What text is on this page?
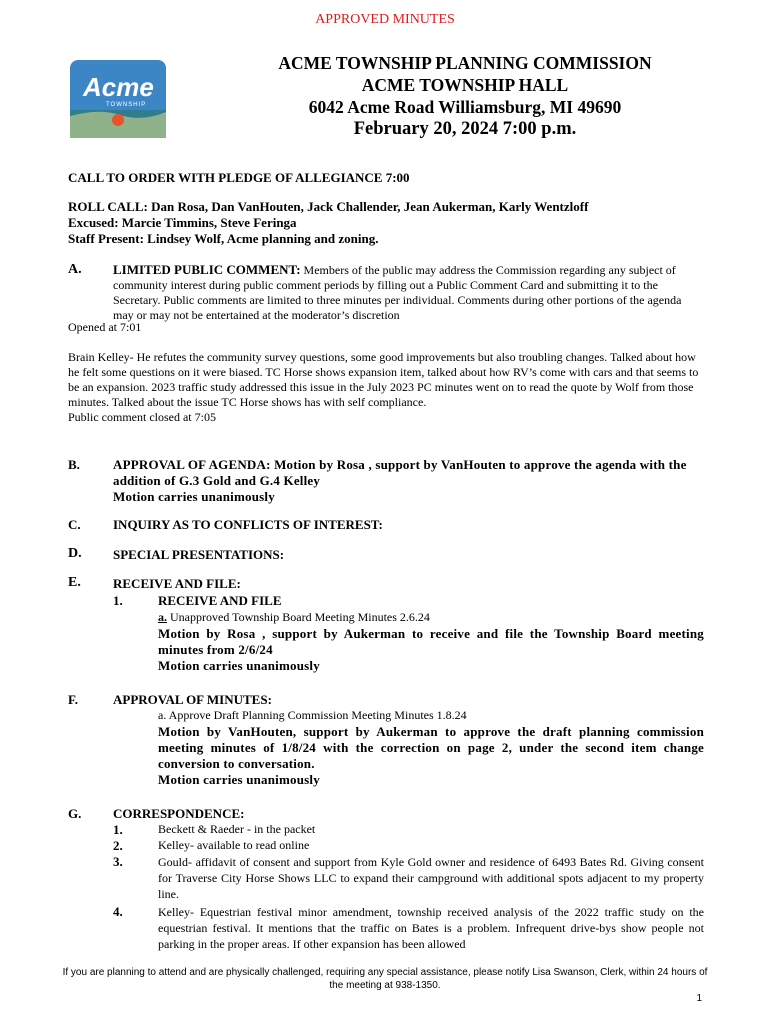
APPROVED MINUTES
Acme
TOWNSHIP
ACME TOWNSHIP PLANNING COMMISSION
ACME TOWNSHIP HALL
6042 Acme Road Williamsburg, MI 49690
February 20, 2024 7:00 p.m.
CALL TO ORDER WITH PLEDGE OF ALLEGIANCE 7:00
ROLL CALL: Dan Rosa, Dan VanHouten, Jack Challender, Jean Aukerman, Karly Wentzloff
Excused: Marcie Timmins, Steve Feringa
Staff Present: Lindsey Wolf, Acme planning and zoning.
A. LIMITED PUBLIC COMMENT: Members of the public may address the Commission regarding any subject of community interest during public comment periods by filling out a Public Comment Card and submitting it to the Secretary. Public comments are limited to three minutes per individual. Comments during other portions of the agenda may or may not be entertained at the moderator’s discretion
Opened at 7:01
Brain Kelley- He refutes the community survey questions, some good improvements but also troubling changes. Talked about how he felt some questions on it were biased. TC Horse shows expansion item, talked about how RV’s come with cars and that seems to be an expansion. 2023 traffic study addressed this issue in the July 2023 PC minutes went on to read the quote by Wolf from those minutes. Talked about the issue TC Horse shows has with self compliance.
Public comment closed at 7:05
B.	APPROVAL OF AGENDA: Motion by Rosa , support by VanHouten to approve the agenda with the addition of G.3 Gold and G.4 Kelley
Motion carries unanimously
C. INQUIRY AS TO CONFLICTS OF INTEREST:
D. SPECIAL PRESENTATIONS:
E. RECEIVE AND FILE:
1.	RECEIVE AND FILE
a. Unapproved Township Board Meeting Minutes 2.6.24
Motion by Rosa , support by Aukerman to receive and file the Township Board meeting minutes from 2/6/24
Motion carries unanimously
F.	APPROVAL OF MINUTES:
a. Approve Draft Planning Commission Meeting Minutes 1.8.24
Motion by VanHouten, support by Aukerman to approve the draft planning commission meeting minutes of 1/8/24 with the correction on page 2, under the second item change conversion to conversation.
Motion carries unanimously
G. CORRESPONDENCE:
1.	Beckett & Raeder - in the packet
2.	Kelley- available to read online
3.	Gould- affidavit of consent and support from Kyle Gold owner and residence of 6493 Bates Rd. Giving consent for Traverse City Horse Shows LLC to expand their campground with additional spots adjacent to my property line.
4.	Kelley- Equestrian festival minor amendment, township received analysis of the 2022 traffic study on the equestrian festival. It mentions that the traffic on Bates is a problem. Infrequent drive-bys show people not parking in the proper areas. If other expansion has been allowed
If you are planning to attend and are physically challenged, requiring any special assistance, please notify Lisa Swanson, Clerk, within 24 hours of the meeting at 938-1350.
1
